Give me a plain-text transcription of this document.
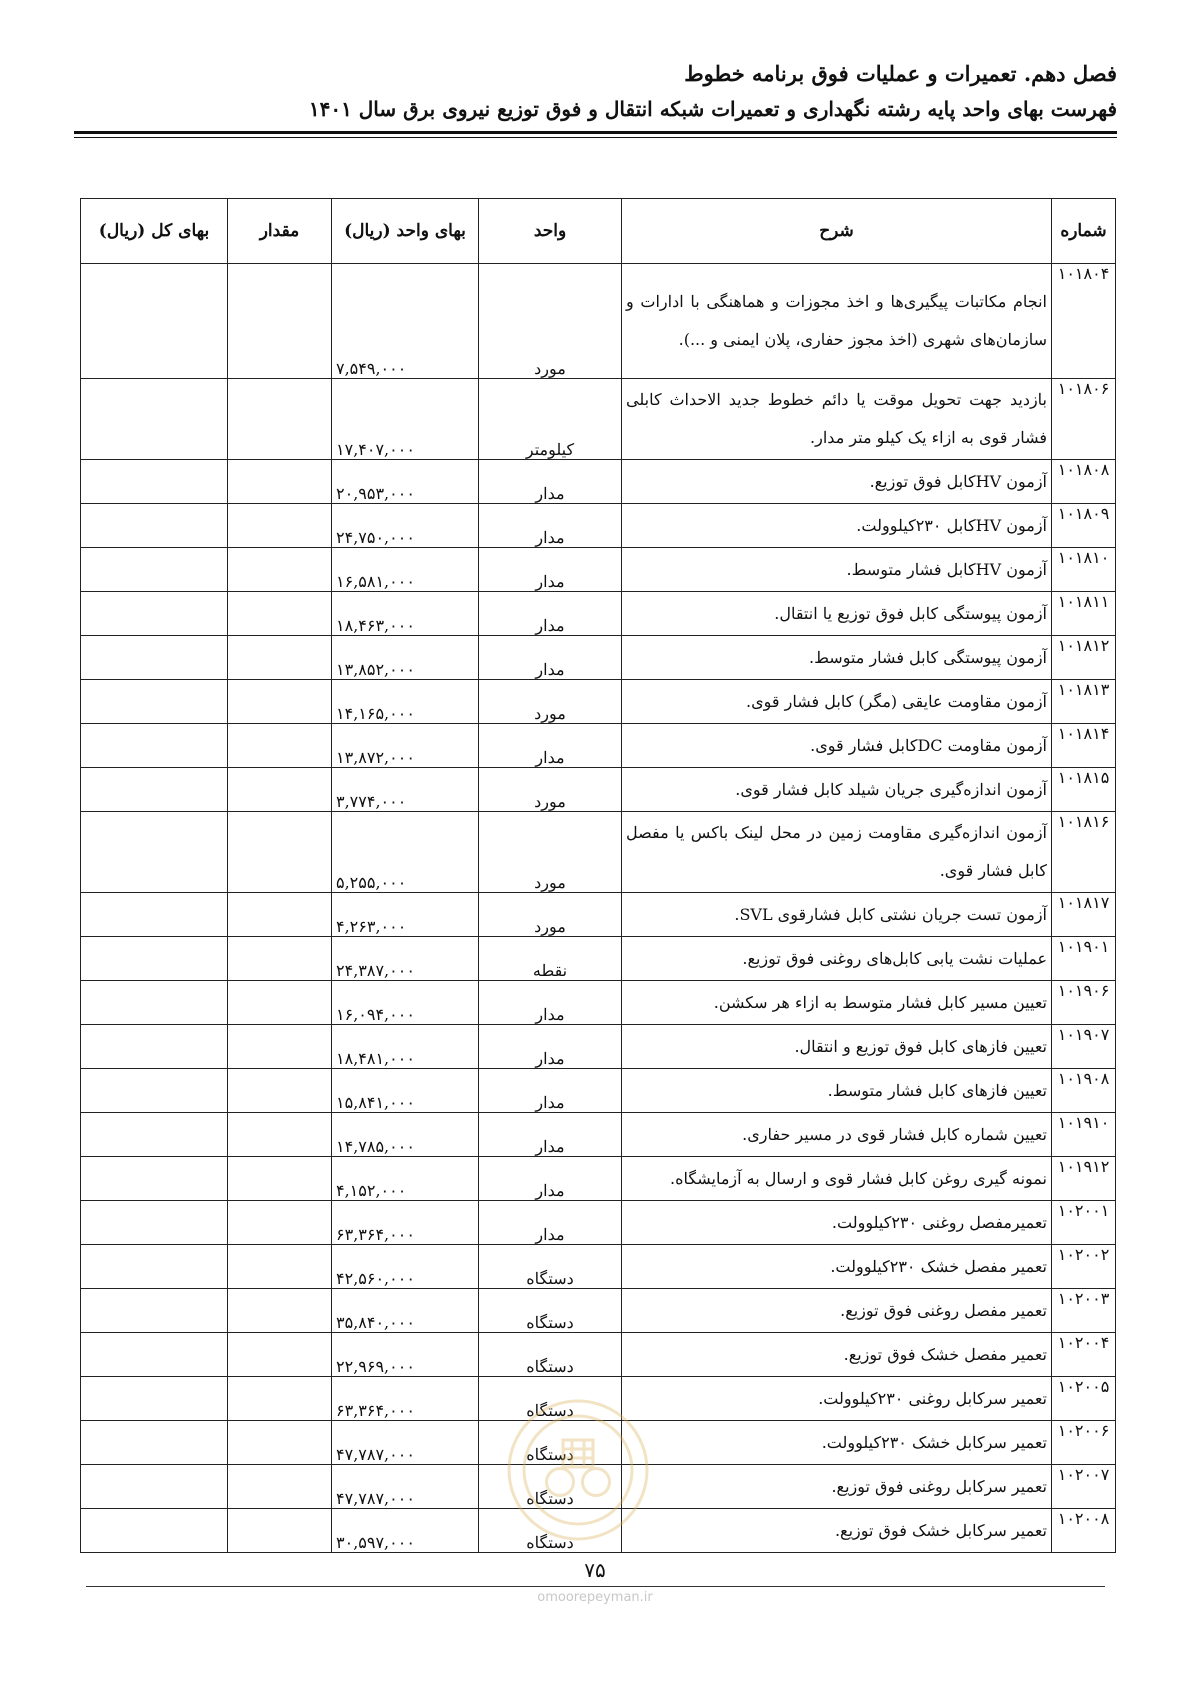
فصل دهم. تعمیرات و عملیات فوق برنامه خطوط
فهرست بهای واحد پایه رشته نگهداری و تعمیرات شبکه انتقال و فوق توزیع نیروی برق سال ۱۴۰۱
شماره	شرح	واحد	بهای واحد (ریال)	مقدار	بهای کل (ریال)
۱۰۱۸۰۴	انجام مکاتبات پیگیری‌ها و اخذ مجوزات و هماهنگی با ادارات و سازمان‌های شهری (اخذ مجوز حفاری، پلان ایمنی و ...).	مورد	۷,۵۴۹,۰۰۰		
۱۰۱۸۰۶	بازدید جهت تحویل موقت یا دائم خطوط جدید الاحداث کابلی فشار قوی به ازاء یک کیلو متر مدار.	کیلومتر	۱۷,۴۰۷,۰۰۰		
۱۰۱۸۰۸	آزمون HVکابل فوق توزیع.	مدار	۲۰,۹۵۳,۰۰۰		
۱۰۱۸۰۹	آزمون HVکابل ۲۳۰کیلوولت.	مدار	۲۴,۷۵۰,۰۰۰		
۱۰۱۸۱۰	آزمون HVکابل فشار متوسط.	مدار	۱۶,۵۸۱,۰۰۰		
۱۰۱۸۱۱	آزمون پیوستگی کابل فوق توزیع یا انتقال.	مدار	۱۸,۴۶۳,۰۰۰		
۱۰۱۸۱۲	آزمون پیوستگی کابل فشار متوسط.	مدار	۱۳,۸۵۲,۰۰۰		
۱۰۱۸۱۳	آزمون مقاومت عایقی (مگر) کابل فشار قوی.	مورد	۱۴,۱۶۵,۰۰۰		
۱۰۱۸۱۴	آزمون مقاومت DCکابل فشار قوی.	مدار	۱۳,۸۷۲,۰۰۰		
۱۰۱۸۱۵	آزمون اندازه‌گیری جریان شیلد کابل فشار قوی.	مورد	۳,۷۷۴,۰۰۰		
۱۰۱۸۱۶	آزمون اندازه‌گیری مقاومت زمین در محل لینک باکس یا مفصل کابل فشار قوی.	مورد	۵,۲۵۵,۰۰۰		
۱۰۱۸۱۷	آزمون تست جریان نشتی کابل فشارقوی SVL.	مورد	۴,۲۶۳,۰۰۰		
۱۰۱۹۰۱	عملیات نشت یابی کابل‌های روغنی فوق توزیع.	نقطه	۲۴,۳۸۷,۰۰۰		
۱۰۱۹۰۶	تعیین مسیر کابل فشار متوسط به ازاء هر سکشن.	مدار	۱۶,۰۹۴,۰۰۰		
۱۰۱۹۰۷	تعیین فازهای کابل فوق توزیع و انتقال.	مدار	۱۸,۴۸۱,۰۰۰		
۱۰۱۹۰۸	تعیین فازهای کابل فشار متوسط.	مدار	۱۵,۸۴۱,۰۰۰		
۱۰۱۹۱۰	تعیین شماره کابل فشار قوی در مسیر حفاری.	مدار	۱۴,۷۸۵,۰۰۰		
۱۰۱۹۱۲	نمونه گیری روغن کابل فشار قوی و ارسال به آزمایشگاه.	مدار	۴,۱۵۲,۰۰۰		
۱۰۲۰۰۱	تعمیرمفصل روغنی ۲۳۰کیلوولت.	مدار	۶۳,۳۶۴,۰۰۰		
۱۰۲۰۰۲	تعمیر مفصل خشک ۲۳۰کیلوولت.	دستگاه	۴۲,۵۶۰,۰۰۰		
۱۰۲۰۰۳	تعمیر مفصل روغنی فوق توزیع.	دستگاه	۳۵,۸۴۰,۰۰۰		
۱۰۲۰۰۴	تعمیر مفصل خشک فوق توزیع.	دستگاه	۲۲,۹۶۹,۰۰۰		
۱۰۲۰۰۵	تعمیر سرکابل روغنی ۲۳۰کیلوولت.	دستگاه	۶۳,۳۶۴,۰۰۰		
۱۰۲۰۰۶	تعمیر سرکابل خشک ۲۳۰کیلوولت.	دستگاه	۴۷,۷۸۷,۰۰۰		
۱۰۲۰۰۷	تعمیر سرکابل روغنی فوق توزیع.	دستگاه	۴۷,۷۸۷,۰۰۰		
۱۰۲۰۰۸	تعمیر سرکابل خشک فوق توزیع.	دستگاه	۳۰,۵۹۷,۰۰۰		
۷۵
omoorepeyman.ir
